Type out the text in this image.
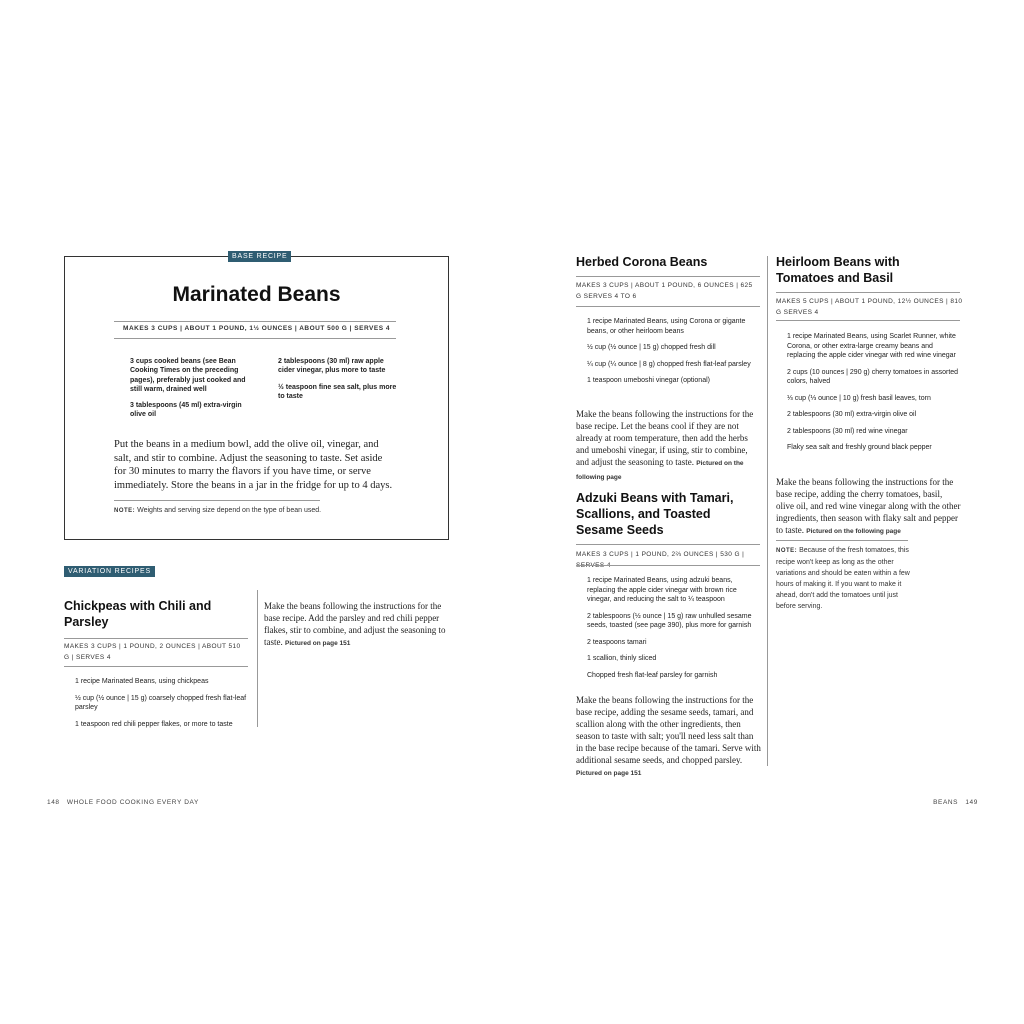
BASE RECIPE
Marinated Beans
MAKES 3 CUPS | ABOUT 1 POUND, 1½ OUNCES | ABOUT 500 G | SERVES 4

3 cups cooked beans (see Bean Cooking Times on the preceding pages), preferably just cooked and still warm, drained well

3 tablespoons (45 ml) extra-virgin olive oil

2 tablespoons (30 ml) raw apple cider vinegar, plus more to taste

½ teaspoon fine sea salt, plus more to taste

Put the beans in a medium bowl, add the olive oil, vinegar, and salt, and stir to combine. Adjust the seasoning to taste. Set aside for 30 minutes to marry the flavors if you have time, or serve immediately. Store the beans in a jar in the fridge for up to 4 days.
NOTE: Weights and serving size depend on the type of bean used.
VARIATION RECIPES
Chickpeas with Chili and Parsley
MAKES 3 CUPS | 1 POUND, 2 OUNCES | ABOUT 510 G | SERVES 4

1 recipe Marinated Beans, using chickpeas

½ cup (½ ounce | 15 g) coarsely chopped fresh flat-leaf parsley

1 teaspoon red chili pepper flakes, or more to taste

Make the beans following the instructions for the base recipe. Add the parsley and red chili pepper flakes, stir to combine, and adjust the seasoning to taste. Pictured on page 151
148 WHOLE FOOD COOKING EVERY DAY
Herbed Corona Beans
MAKES 3 CUPS | ABOUT 1 POUND, 6 OUNCES | 625 G SERVES 4 TO 6

1 recipe Marinated Beans, using Corona or gigante beans, or other heirloom beans

½ cup (½ ounce | 15 g) chopped fresh dill

¼ cup (¼ ounce | 8 g) chopped fresh flat-leaf parsley

1 teaspoon umeboshi vinegar (optional)

Make the beans following the instructions for the base recipe. Let the beans cool if they are not already at room temperature, then add the herbs and umeboshi vinegar, if using, stir to combine, and adjust the seasoning to taste. Pictured on the following page
Adzuki Beans with Tamari, Scallions, and Toasted Sesame Seeds
MAKES 3 CUPS | 1 POUND, 2⅔ OUNCES | 530 G | SERVES 4

1 recipe Marinated Beans, using adzuki beans, replacing the apple cider vinegar with brown rice vinegar, and reducing the salt to ¼ teaspoon

2 tablespoons (½ ounce | 15 g) raw unhulled sesame seeds, toasted (see page 390), plus more for garnish

2 teaspoons tamari

1 scallion, thinly sliced

Chopped fresh flat-leaf parsley for garnish

Make the beans following the instructions for the base recipe, adding the sesame seeds, tamari, and scallion along with the other ingredients, then season to taste with salt; you'll need less salt than in the base recipe because of the tamari. Serve with additional sesame seeds, and chopped parsley. Pictured on page 151
Heirloom Beans with Tomatoes and Basil
MAKES 5 CUPS | ABOUT 1 POUND, 12½ OUNCES | 810 G SERVES 4

1 recipe Marinated Beans, using Scarlet Runner, white Corona, or other extra-large creamy beans and replacing the apple cider vinegar with red wine vinegar

2 cups (10 ounces | 290 g) cherry tomatoes in assorted colors, halved

⅓ cup (⅓ ounce | 10 g) fresh basil leaves, torn

2 tablespoons (30 ml) extra-virgin olive oil

2 tablespoons (30 ml) red wine vinegar

Flaky sea salt and freshly ground black pepper

Make the beans following the instructions for the base recipe, adding the cherry tomatoes, basil, olive oil, and red wine vinegar along with the other ingredients, then season with flaky salt and pepper to taste. Pictured on the following page
NOTE: Because of the fresh tomatoes, this recipe won't keep as long as the other variations and should be eaten within a few hours of making it. If you want to make it ahead, don't add the tomatoes until just before serving.
BEANS 149
